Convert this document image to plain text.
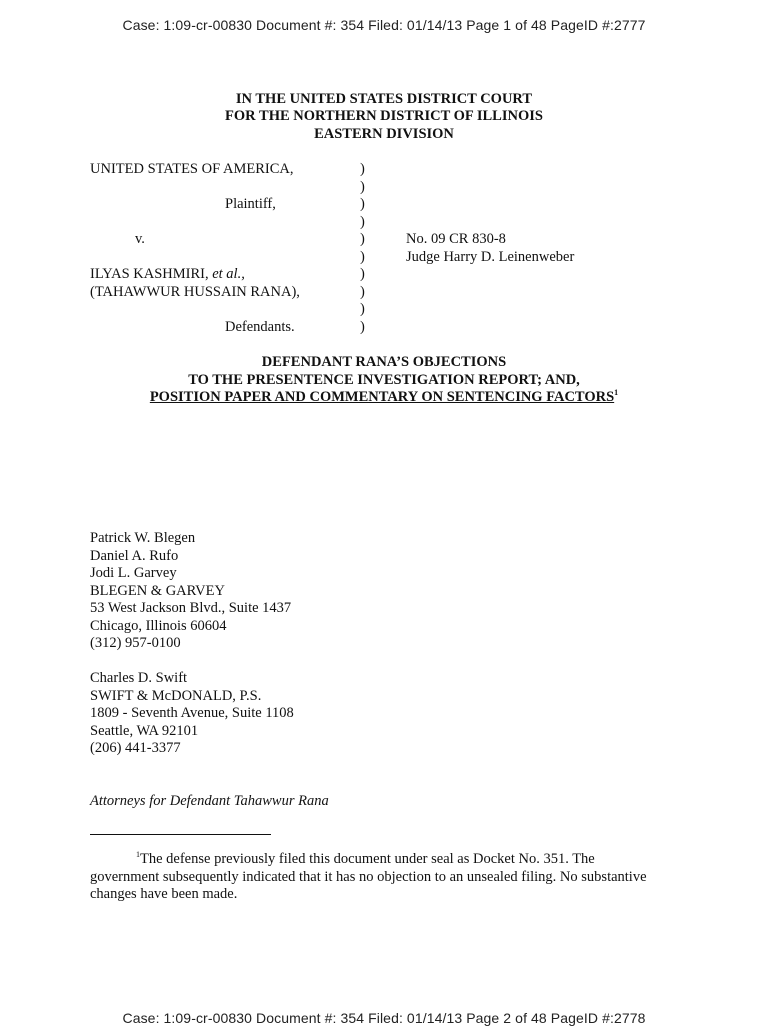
Case: 1:09-cr-00830 Document #: 354 Filed: 01/14/13 Page 1 of 48 PageID #:2777
IN THE UNITED STATES DISTRICT COURT
FOR THE NORTHERN DISTRICT OF ILLINOIS
EASTERN DIVISION
UNITED STATES OF AMERICA,
Plaintiff,
v.
ILYAS KASHMIRI, et al.,
(TAHAWWUR HUSSAIN RANA),
Defendants.
)
)
)
)
)
)
)
)
)
)
No. 09 CR 830-8
Judge Harry D. Leinenweber
DEFENDANT RANA’S OBJECTIONS
TO THE PRESENTENCE INVESTIGATION REPORT; AND,
POSITION PAPER AND COMMENTARY ON SENTENCING FACTORS$^1$
Patrick W. Blegen
Daniel A. Rufo
Jodi L. Garvey
BLEGEN & GARVEY
53 West Jackson Blvd., Suite 1437
Chicago, Illinois 60604
(312) 957-0100
Charles D. Swift
SWIFT & McDONALD, P.S.
1809 - Seventh Avenue, Suite 1108
Seattle, WA 92101
(206) 441-3377
Attorneys for Defendant Tahawwur Rana
$^1$The defense previously filed this document under seal as Docket No. 351. The
government subsequently indicated that it has no objection to an unsealed filing. No substantive
changes have been made.
Case: 1:09-cr-00830 Document #: 354 Filed: 01/14/13 Page 2 of 48 PageID #:2778
